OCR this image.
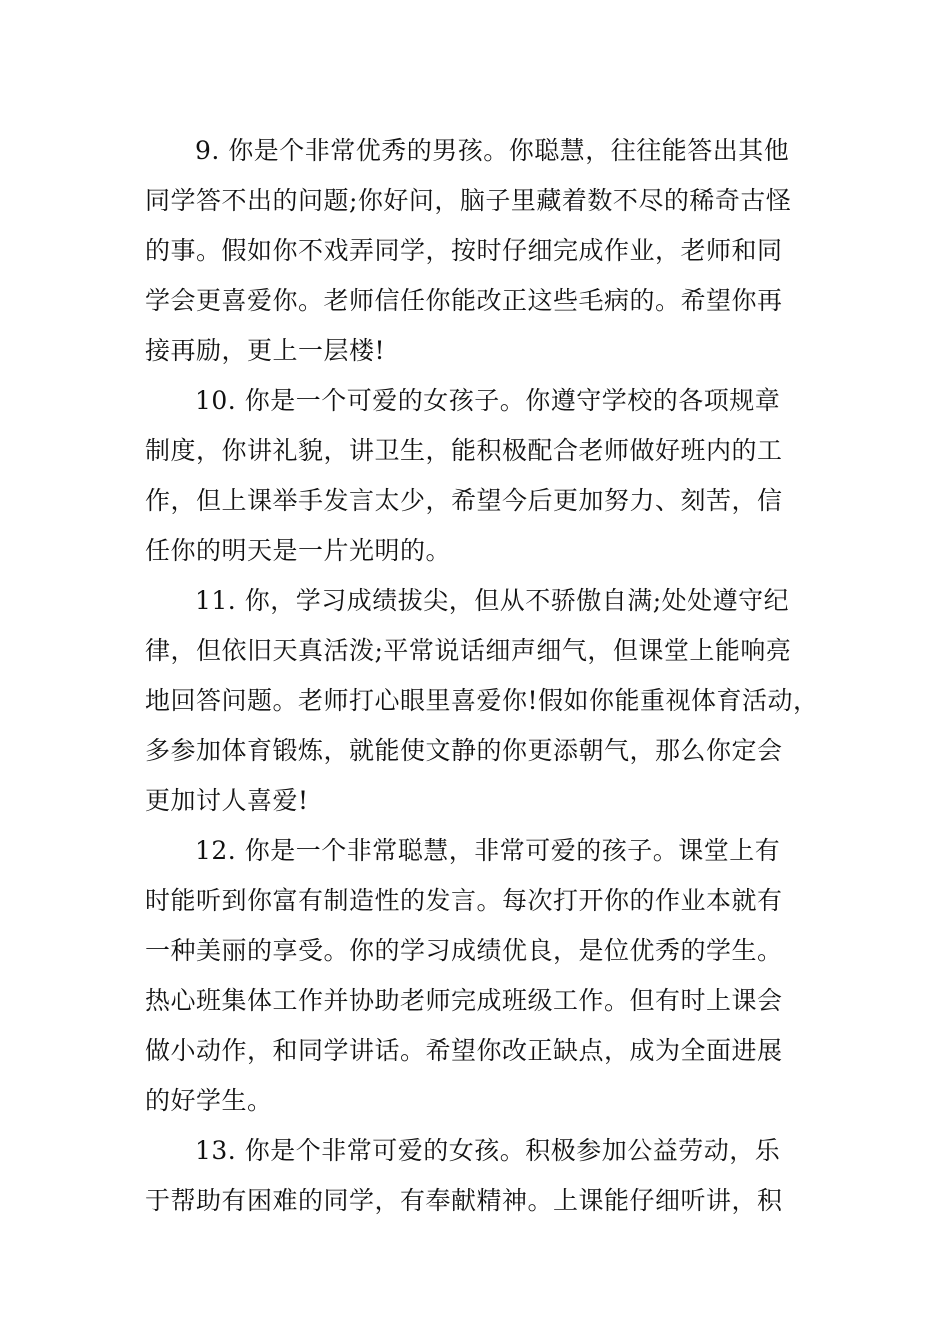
9. 你是个非常优秀的男孩。你聪慧，往往能答出其他
同学答不出的问题;你好问，脑子里藏着数不尽的稀奇古怪
的事。假如你不戏弄同学，按时仔细完成作业，老师和同
学会更喜爱你。老师信任你能改正这些毛病的。希望你再
接再励，更上一层楼!
10. 你是一个可爱的女孩子。你遵守学校的各项规章
制度，你讲礼貌，讲卫生，能积极配合老师做好班内的工
作，但上课举手发言太少，希望今后更加努力、刻苦，信
任你的明天是一片光明的。
11. 你，学习成绩拔尖，但从不骄傲自满;处处遵守纪
律，但依旧天真活泼;平常说话细声细气，但课堂上能响亮
地回答问题。老师打心眼里喜爱你!假如你能重视体育活动，
多参加体育锻炼，就能使文静的你更添朝气，那么你定会
更加讨人喜爱!
12. 你是一个非常聪慧，非常可爱的孩子。课堂上有
时能听到你富有制造性的发言。每次打开你的作业本就有
一种美丽的享受。你的学习成绩优良，是位优秀的学生。
热心班集体工作并协助老师完成班级工作。但有时上课会
做小动作，和同学讲话。希望你改正缺点，成为全面进展
的好学生。
13. 你是个非常可爱的女孩。积极参加公益劳动，乐
于帮助有困难的同学，有奉献精神。上课能仔细听讲，积
